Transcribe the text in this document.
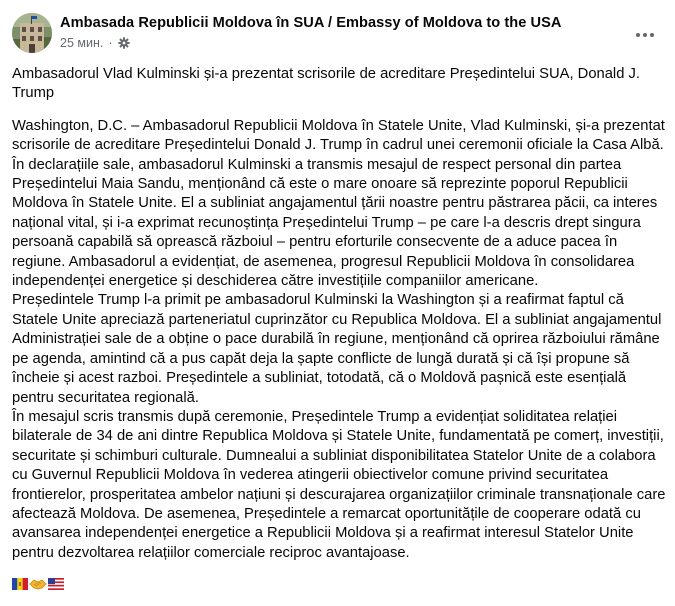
Ambasada Republicii Moldova în SUA / Embassy of Moldova to the USA
25 мин. ·

Ambasadorul Vlad Kulminski și-a prezentat scrisorile de acreditare Președintelui SUA, Donald J. Trump

Washington, D.C. – Ambasadorul Republicii Moldova în Statele Unite, Vlad Kulminski, și-a prezentat scrisorile de acreditare Președintelui Donald J. Trump în cadrul unei ceremonii oficiale la Casa Albă. În declarațiile sale, ambasadorul Kulminski a transmis mesajul de respect personal din partea Președintelui Maia Sandu, menționând că este o mare onoare să reprezinte poporul Republicii Moldova în Statele Unite. El a subliniat angajamentul țării noastre pentru păstrarea păcii, ca interes național vital, și i-a exprimat recunoștința Președintelui Trump – pe care l-a descris drept singura persoană capabilă să oprească războiul – pentru eforturile consecvente de a aduce pacea în regiune. Ambasadorul a evidențiat, de asemenea, progresul Republicii Moldova în consolidarea independenței energetice și deschiderea către investițiile companiilor americane.

Președintele Trump l-a primit pe ambasadorul Kulminski la Washington și a reafirmat faptul că Statele Unite apreciază parteneriatul cuprinzător cu Republica Moldova. El a subliniat angajamentul Administrației sale de a obține o pace durabilă în regiune, menționând că oprirea războiului rămâne pe agenda, amintind că a pus capăt deja la șapte conflicte de lungă durată și că își propune să încheie și acest razboi. Președintele a subliniat, totodată, că o Moldovă pașnică este esențială pentru securitatea regională.

În mesajul scris transmis după ceremonie, Președintele Trump a evidențiat soliditatea relației bilaterale de 34 de ani dintre Republica Moldova și Statele Unite, fundamentată pe comerț, investiții, securitate și schimburi culturale. Dumnealui a subliniat disponibilitatea Statelor Unite de a colabora cu Guvernul Republicii Moldova în vederea atingerii obiectivelor comune privind securitatea frontierelor, prosperitatea ambelor națiuni și descurajarea organizațiilor criminale transnaționale care afectează Moldova. De asemenea, Președintele a remarcat oportunitățile de cooperare odată cu avansarea independenței energetice a Republicii Moldova și a reafirmat interesul Statelor Unite pentru dezvoltarea relațiilor comerciale reciproc avantajoase.
